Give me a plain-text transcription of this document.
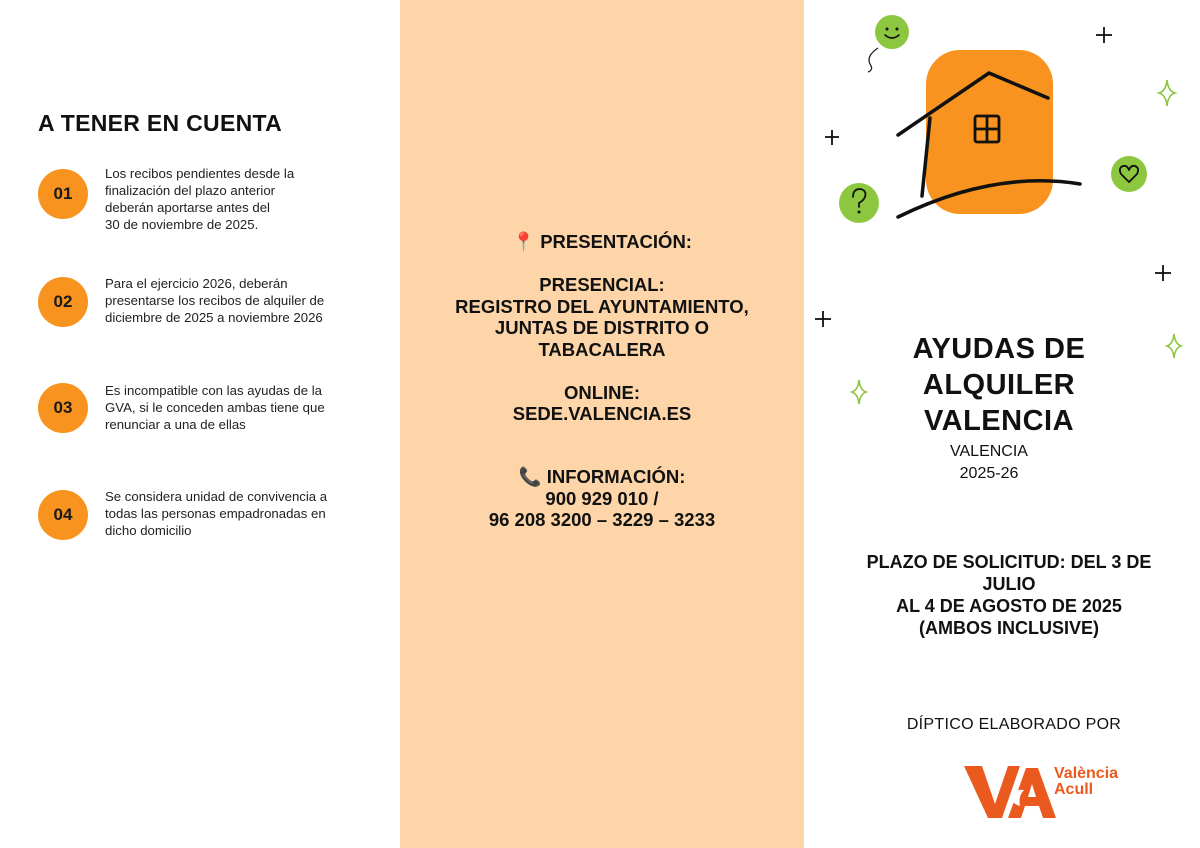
A TENER EN CUENTA
01
Los recibos pendientes desde la
finalización del plazo anterior
deberán aportarse antes del
30 de noviembre de 2025.
02
Para el ejercicio 2026, deberán
presentarse los recibos de alquiler de
diciembre de 2025 a noviembre 2026
03
Es incompatible con las ayudas de la
GVA, si le conceden ambas tiene que
renunciar a una de ellas
04
Se considera unidad de convivencia a
todas las personas empadronadas en
dicho domicilio
📍 PRESENTACIÓN:
PRESENCIAL:
REGISTRO DEL AYUNTAMIENTO,
JUNTAS DE DISTRITO O
TABACALERA
ONLINE:
SEDE.VALENCIA.ES
📞 INFORMACIÓN:
900 929 010 /
96 208 3200 – 3229 – 3233
AYUDAS DE
ALQUILER
VALENCIA
VALENCIA
2025-26
PLAZO DE SOLICITUD: DEL 3 DE
JULIO
AL 4 DE AGOSTO DE 2025
(AMBOS INCLUSIVE)
DÍPTICO ELABORADO POR
València
Acull
